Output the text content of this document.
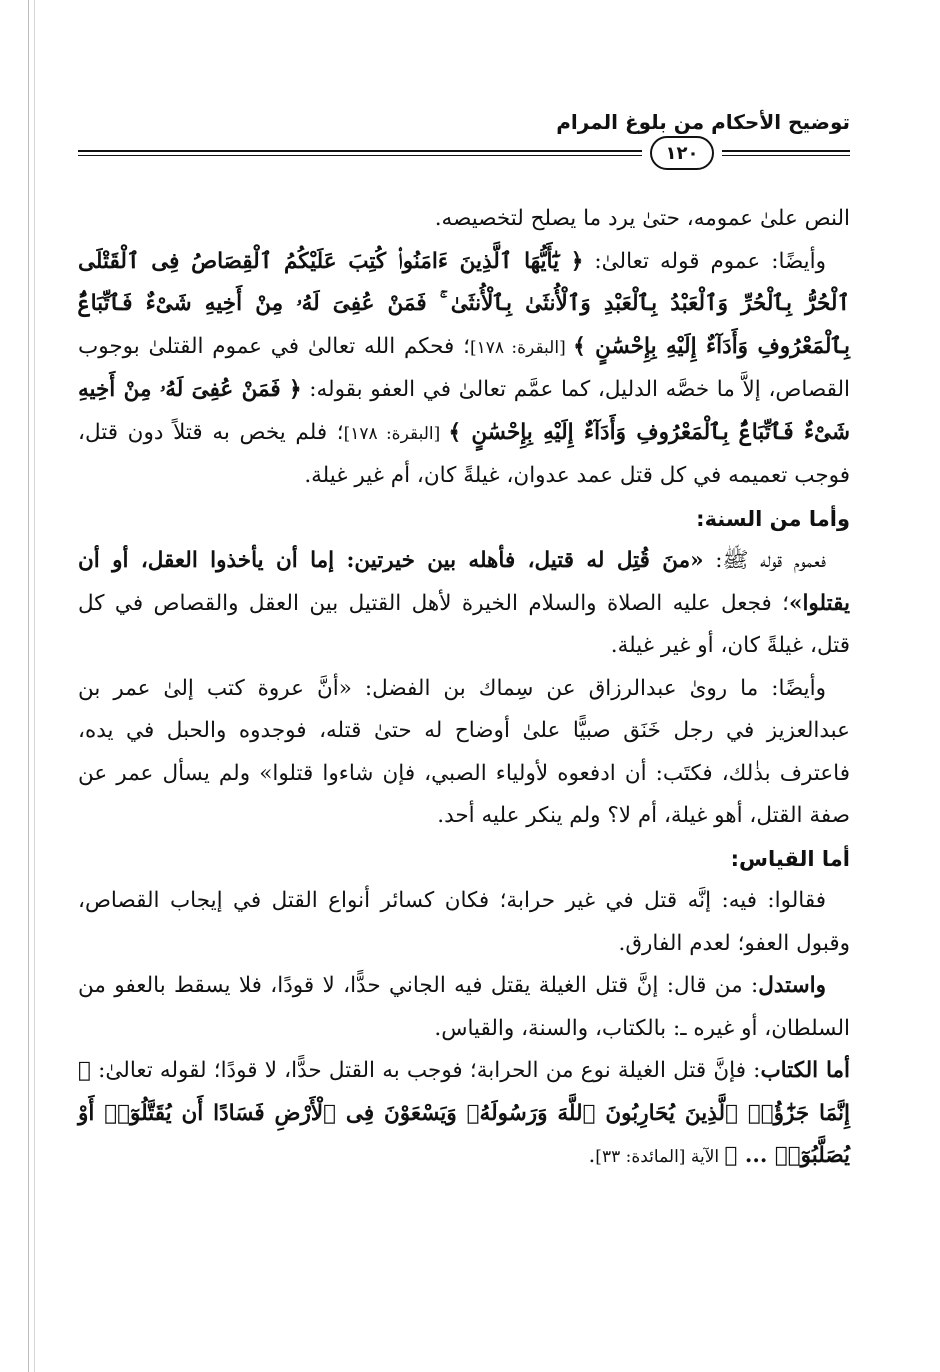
توضيح الأحكام من بلوغ المرام
١٢٠

النص علىٰ عمومه، حتىٰ يرد ما يصلح لتخصيصه.

وأيضًا: عموم قوله تعالىٰ: ﴿ يَٰٓأَيُّهَا ٱلَّذِينَ ءَامَنُوا۟ كُتِبَ عَلَيْكُمُ ٱلْقِصَاصُ فِى ٱلْقَتْلَى ٱلْحُرُّ بِٱلْحُرِّ وَٱلْعَبْدُ بِٱلْعَبْدِ وَٱلْأُنثَىٰ بِٱلْأُنثَىٰ ۚ فَمَنْ عُفِىَ لَهُۥ مِنْ أَخِيهِ شَىْءٌ فَٱتِّبَاعٌۢ بِٱلْمَعْرُوفِ وَأَدَآءٌ إِلَيْهِ بِإِحْسَٰنٍ ﴾ [البقرة: ١٧٨]؛ فحكم الله تعالىٰ في عموم القتلىٰ بوجوب القصاص، إلاَّ ما خصَّه الدليل، كما عمَّم تعالىٰ في العفو بقوله: ﴿ فَمَنْ عُفِىَ لَهُۥ مِنْ أَخِيهِ شَىْءٌ فَٱتِّبَاعٌۢ بِٱلْمَعْرُوفِ وَأَدَآءٌ إِلَيْهِ بِإِحْسَٰنٍ ﴾ [البقرة: ١٧٨]؛ فلم يخص به قتلاً دون قتل، فوجب تعميمه في كل قتل عمد عدوان، غيلةً كان، أم غير غيلة.

وأما من السنة:

فعموم قوله ﷺ: «منَ قُتِل له قتيل، فأهله بين خيرتين: إما أن يأخذوا العقل، أو أن يقتلوا»؛ فجعل عليه الصلاة والسلام الخيرة لأهل القتيل بين العقل والقصاص في كل قتل، غيلةً كان، أو غير غيلة.

وأيضًا: ما روىٰ عبدالرزاق عن سِماك بن الفضل: «أنَّ عروة كتب إلىٰ عمر بن عبدالعزيز في رجل خَنَق صبيًّا علىٰ أوضاح له حتىٰ قتله، فوجدوه والحبل في يده، فاعترف بذٰلك، فكتَب: أن ادفعوه لأولياء الصبي، فإن شاءوا قتلوا» ولم يسأل عمر عن صفة القتل، أهو غيلة، أم لا؟ ولم ينكر عليه أحد.

أما القياس:

فقالوا: فيه: إنَّه قتل في غير حرابة؛ فكان كسائر أنواع القتل في إيجاب القصاص، وقبول العفو؛ لعدم الفارق.

واستدل: من قال: إنَّ قتل الغيلة يقتل فيه الجاني حدًّا، لا قودًا، فلا يسقط بالعفو من السلطان، أو غيره ـ: بالكتاب، والسنة، والقياس.

أما الكتاب: فإنَّ قتل الغيلة نوع من الحرابة؛ فوجب به القتل حدًّا، لا قودًا؛ لقوله تعالىٰ: ﴿ إِنَّمَا جَزَٰٓؤُا۟ ٱلَّذِينَ يُحَارِبُونَ ٱللَّهَ وَرَسُولَهُۥ وَيَسْعَوْنَ فِى ٱلْأَرْضِ فَسَادًا أَن يُقَتَّلُوٓا۟ أَوْ يُصَلَّبُوٓا۟ ... ﴾ الآية [المائدة: ٣٣].
